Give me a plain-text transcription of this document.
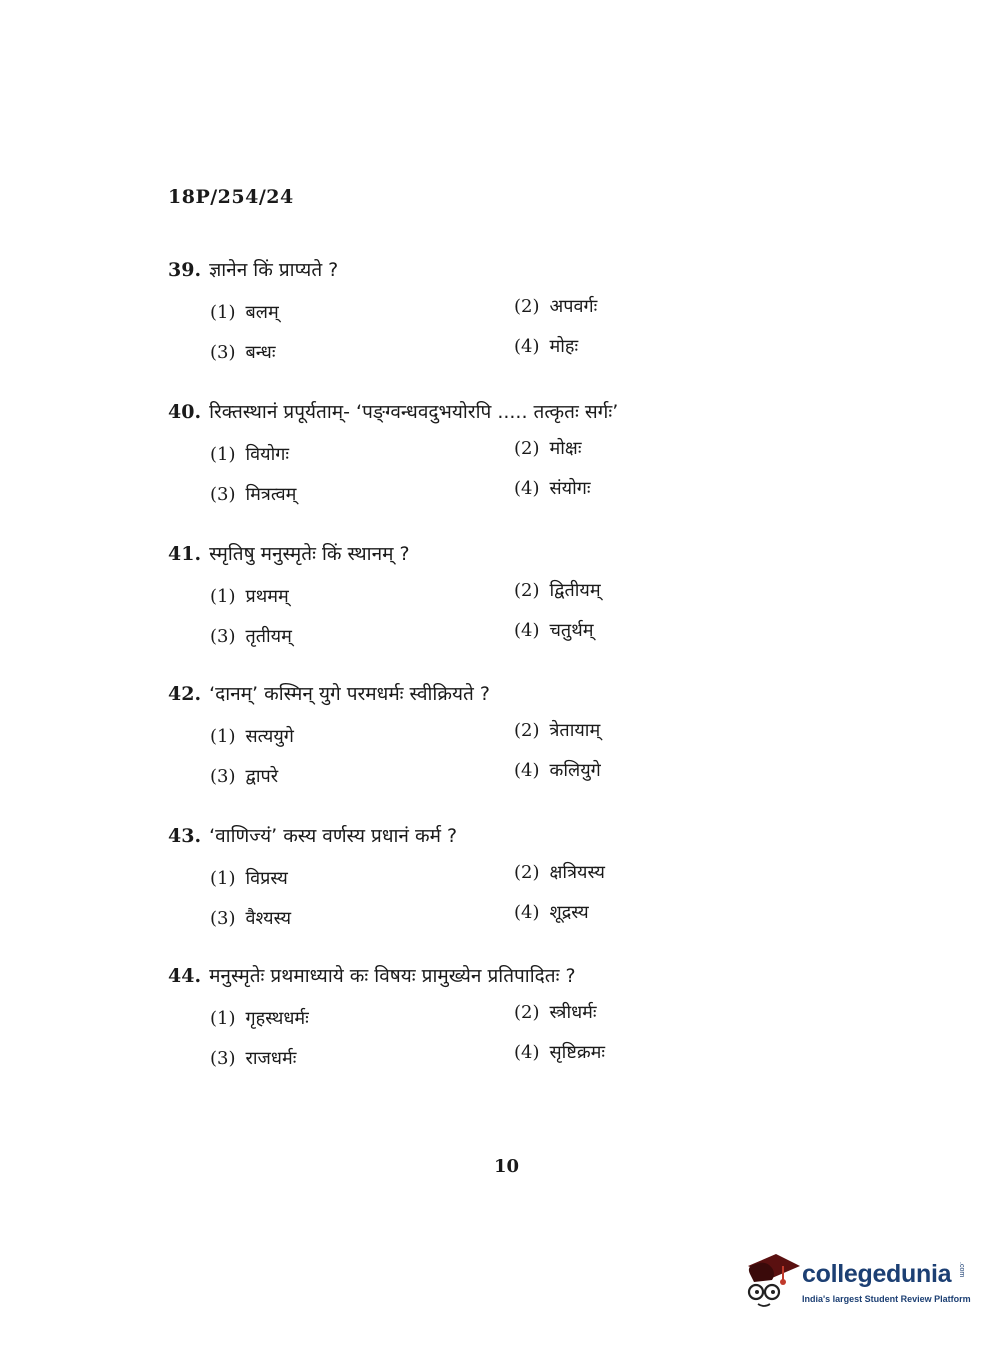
18P/254/24
39. ज्ञानेन किं प्राप्यते ?
(1) बलम्	(2) अपवर्गः
(3) बन्धः	(4) मोहः
40. रिक्तस्थानं प्रपूर्यताम्- ‘पङ्ग्वन्धवदुभयोरपि ..... तत्कृतः सर्गः’
(1) वियोगः	(2) मोक्षः
(3) मित्रत्वम्	(4) संयोगः
41. स्मृतिषु मनुस्मृतेः किं स्थानम् ?
(1) प्रथमम्	(2) द्वितीयम्
(3) तृतीयम्	(4) चतुर्थम्
42. ‘दानम्’ कस्मिन् युगे परमधर्मः स्वीक्रियते ?
(1) सत्ययुगे	(2) त्रेतायाम्
(3) द्वापरे	(4) कलियुगे
43. ‘वाणिज्यं’ कस्य वर्णस्य प्रधानं कर्म ?
(1) विप्रस्य	(2) क्षत्रियस्य
(3) वैश्यस्य	(4) शूद्रस्य
44. मनुस्मृतेः प्रथमाध्याये कः विषयः प्रामुख्येन प्रतिपादितः ?
(1) गृहस्थधर्मः	(2) स्त्रीधर्मः
(3) राजधर्मः	(4) सृष्टिक्रमः
10
collegedunia .com
India's largest Student Review Platform
